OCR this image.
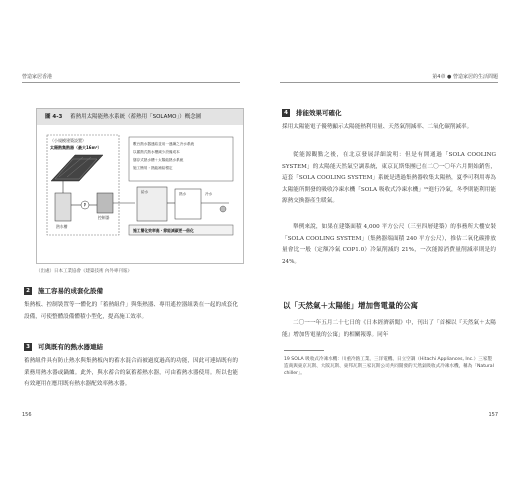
營造家居香港
圖 4-3 蓄熱用太陽能熱水系統（蓄熱用「SOLAMO」）概念圖
（小規模建築設置）
太陽熱集熱器（最大16m²）
熱水槽
P
控制器
數台熱水器連結並用一連續之冷水系統
以蓄熱式熱水槽減少設備成本
儲存式熱水槽＋太陽能熱水系統
施工簡易・熱能補給穩定
給水	熱水	冷水
施工簡化效率高・節能減碳更一倍化
（出處）日本工業協會《建築技術 內外專刊報》
2 施工容易的成套化設備
集熱板、控制裝置等一體化的「蓄熱組件」與集熱器、專用遙控器組裝在一起的成套化設備，可使整體設備體積小型化，提高施工效率。
3 可與既有的熱水器連結
蓄熱組件具有防止熱水與集熱板內的蓄水混合而被過度過高的功能，因此可連結既有的業務用熱水器或鍋爐。此外，與水蓄合的氣蓄蓄熱水器，可由蓄熱水器使用。所以也能有效運用在應用既有熱水器配效率熱水器。
156
第4章 ● 營造家居的生活問題
4 排能效果可確化
採用太陽能電子優勢顯示太陽能熱利用量、天然氣削減率、二氧化碳削減率。
從能源觀點之後，在北京發展詳細說明：但是有開通過「SOLA COOLING SYSTEM」的太陽能天然氣空調系統，東京瓦斯集團已在二〇一〇年六月開始銷售，這套「SOLA COOLING SYSTEM」系統是透過集熱器收集太陽熱，夏季可利用專為太陽能所開發的吸收冷凍水機「SOLA 吸收式冷凍水機」¹⁹進行冷氣，冬季則能利用能源熱交換器產生暖氣。
舉例來說，如果在建築面積 4,000 平方公尺（三至四層建築）的事務所大樓安裝「SOLA COOLING SYSTEM」（集熱器端面積 240 平方公尺），推估二氧化碳排放量會比一般（定額冷氣 COP1.0）冷氣削減約 21%，一次能源消費量削減率則是約 24%。
以「天然氣＋太陽能」增加售電量的公寓
二〇一一年五月二十七日的《日本經濟新聞》中，刊出了「首棟以『天然氣＋太陽能』增加售電量的公寓」的相關報導。同年
19 SOLA 吸收式冷凍水機：川重冷熱工業、三洋電機、日立空調（Hitachi Appliances, Inc.）三家製造商與東京瓦斯、大阪瓦斯、東邦瓦斯三家瓦斯公司共同開發的天然氣吸收式冷凍水機，稱為「Natural chiller」。
157
